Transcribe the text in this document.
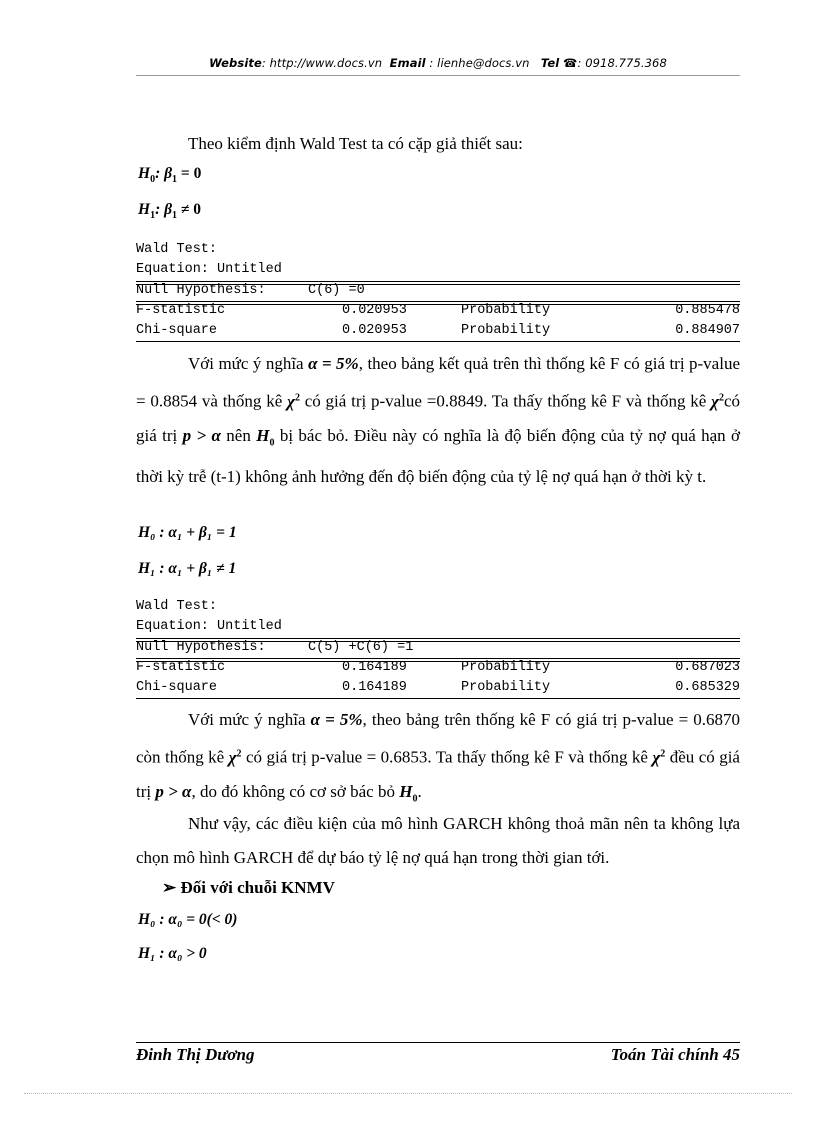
Website: http://www.docs.vn Email : lienhe@docs.vn Tel ☎: 0918.775.368
Theo kiểm định Wald Test ta có cặp giả thiết sau:
$H_0$: $\beta_1 = 0$
$H_1$: $\beta_1 \ne 0$
Wald Test:
Equation: Untitled
Null Hypothesis:	C(6) =0
F-statistic	0.020953	Probability	0.885478
Chi-square	0.020953	Probability	0.884907
Với mức ý nghĩa α = 5%, theo bảng kết quả trên thì thống kê F có giá trị p-value = 0.8854 và thống kê $\chi^2$ có giá trị p-value =0.8849. Ta thấy thống kê F và thống kê $\chi^2có$ giá trị p > α nên $H_0$ bị bác bỏ. Điều này có nghĩa là độ biến động của tỷ nợ quá hạn ở thời kỳ trễ (t-1) không ảnh hưởng đến độ biến động của tỷ lệ nợ quá hạn ở thời kỳ t.
H₀ : α₁ + β₁ = 1
H₁ : α₁ + β₁ ≠ 1
Wald Test:
Equation: Untitled
Null Hypothesis:	C(5) +C(6) =1
F-statistic	0.164189	Probability	0.687023
Chi-square	0.164189	Probability	0.685329
Với mức ý nghĩa α = 5%, theo bảng trên thống kê F có giá trị p-value = 0.6870 còn thống kê $\chi^2$ có giá trị p-value = 0.6853. Ta thấy thống kê F và thống kê $\chi^2$ đều có giá trị p > α, do đó không có cơ sở bác bỏ $H_0$.
Như vậy, các điều kiện của mô hình GARCH không thoả mãn nên ta không lựa chọn mô hình GARCH để dự báo tỷ lệ nợ quá hạn trong thời gian tới.
➢ Đối với chuỗi KNMV
H₀ : α₀ = 0(< 0)
H₁ : α₀ > 0
Đinh Thị Dương	Toán Tài chính 45
